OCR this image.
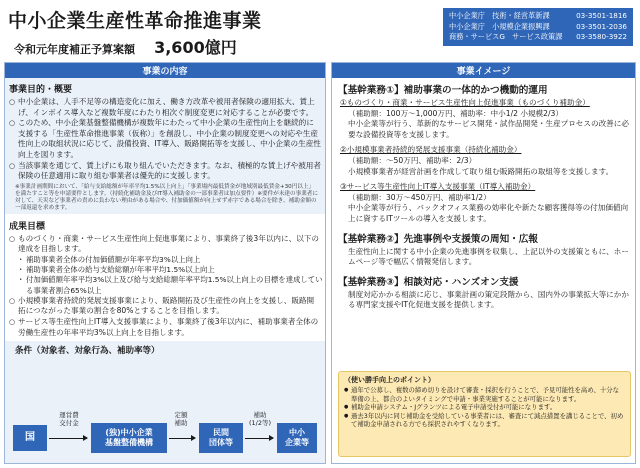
中小企業生産性革命推進事業
令和元年度補正予算案額 3,600億円
中小企業庁　技術・経営革新課	03-3501-1816
中小企業庁　小規模企業振興課	03-3501-2036
商務・サービスG　サービス政策課 03-3580-3922
事業の内容
事業目的・概要
○ 中小企業は、人手不足等の構造変化に加え、働き方改革や被用者保険の適用拡大、賃上げ、インボイス導入など複数年度にわたり相次ぐ制度変更に対応することが必要です。
○ このため、中小企業基盤整備機構が複数年にわたって中小企業の生産性向上を継続的に支援する「生産性革命推進事業（仮称）」を創設し、中小企業の制度変更への対応や生産性向上の取組状況に応じて、設備投資、IT導入、販路開拓等を支援し、中小企業の生産性向上を図ります。
○ 当該事業を通じて、賃上げにも取り組んでいただきます。なお、積極的な賃上げや被用者保険の任意適用に取り組む事業者は優先的に支援します。
※事業計画期間において、「給与支給総額が年率平均1.5%以上向上」「事業場内最低賃金が地域別最低賃金+30円以上」を満たすこと等を申請要件とします。（持続化補助金及びIT導入補助金の一部事業者は加点要件）※要件が未達の事業者に対して、天災など事業者の責めに負わない理由がある場合や、付加価値額が向上せず赤字である場合を除き、補助金額の一部返還を求めます。
成果目標
○ ものづくり・商業・サービス生産性向上促進事業により、事業終了後3年以内に、以下の達成を目指します。
・ 補助事業者全体の付加価値額が年率平均3%以上向上
・ 補助事業者全体の給与支給総額が年率平均1.5%以上向上
・ 付加価値額年率平均3%以上及び給与支給総額年率平均1.5%以上向上の目標を達成している事業者割合65%以上
○ 小規模事業者持続的発展支援事業により、販路開拓及び生産性の向上を支援し、販路開拓につながった事業の割合を80%とすることを目指します。
○ サービス等生産性向上IT導入支援事業により、事業終了後3年以内に、補助事業者全体の労働生産性の年率平均3%以上向上を目指します。
条件（対象者、対象行為、補助率等）
国
運営費
交付金
(独)中小企業
基盤整備機構
定額
補助
民間
団体等
補助
(1/2等)
中小
企業等
事業イメージ
【基幹業務①】補助事業の一体的かつ機動的運用
①ものづくり・商業・サービス生産性向上促進事業（ものづくり補助金）
（補助額：100万～1,000万円、補助率：中小1/2 小規模2/3）
中小企業等が行う、革新的なサービス開発・試作品開発・生産プロセスの改善に必要な設備投資等を支援します。
②小規模事業者持続的発展支援事業（持続化補助金）
（補助額：～50万円、補助率：2/3）
小規模事業者が経営計画を作成して取り組む販路開拓の取組等を支援します。
③サービス等生産性向上IT導入支援事業（IT導入補助金）
（補助額：30万～450万円、補助率1/2）
中小企業等が行う、バックオフィス業務の効率化や新たな顧客獲得等の付加価値向上に資するITツールの導入を支援します。
【基幹業務②】先進事例や支援策の周知・広報
生産性向上に関する中小企業の先進事例を収集し、上記以外の支援策ともに、ホームページ等で幅広く情報発信します。
【基幹業務③】相談対応・ハンズオン支援
制度対応かかる相談に応じ、事業計画の策定段階から、国内外の事業拡大等にかかる専門家支援やIT化促進支援を提供します。
（使い勝手向上のポイント）
● 通年で公募し、複数の締め切りを設けて審査・採択を行うことで、予見可能性を高め、十分な準備の上、都合のよいタイミングで申請・事業実施することが可能になります。
● 補助金申請システム・Jグランツによる電子申請受付が可能になります。
● 過去3年以内に同じ補助金を受給している事業者には、審査にて減点措置を講じることで、初めて補助金申請される方でも採択されやすくなります。
